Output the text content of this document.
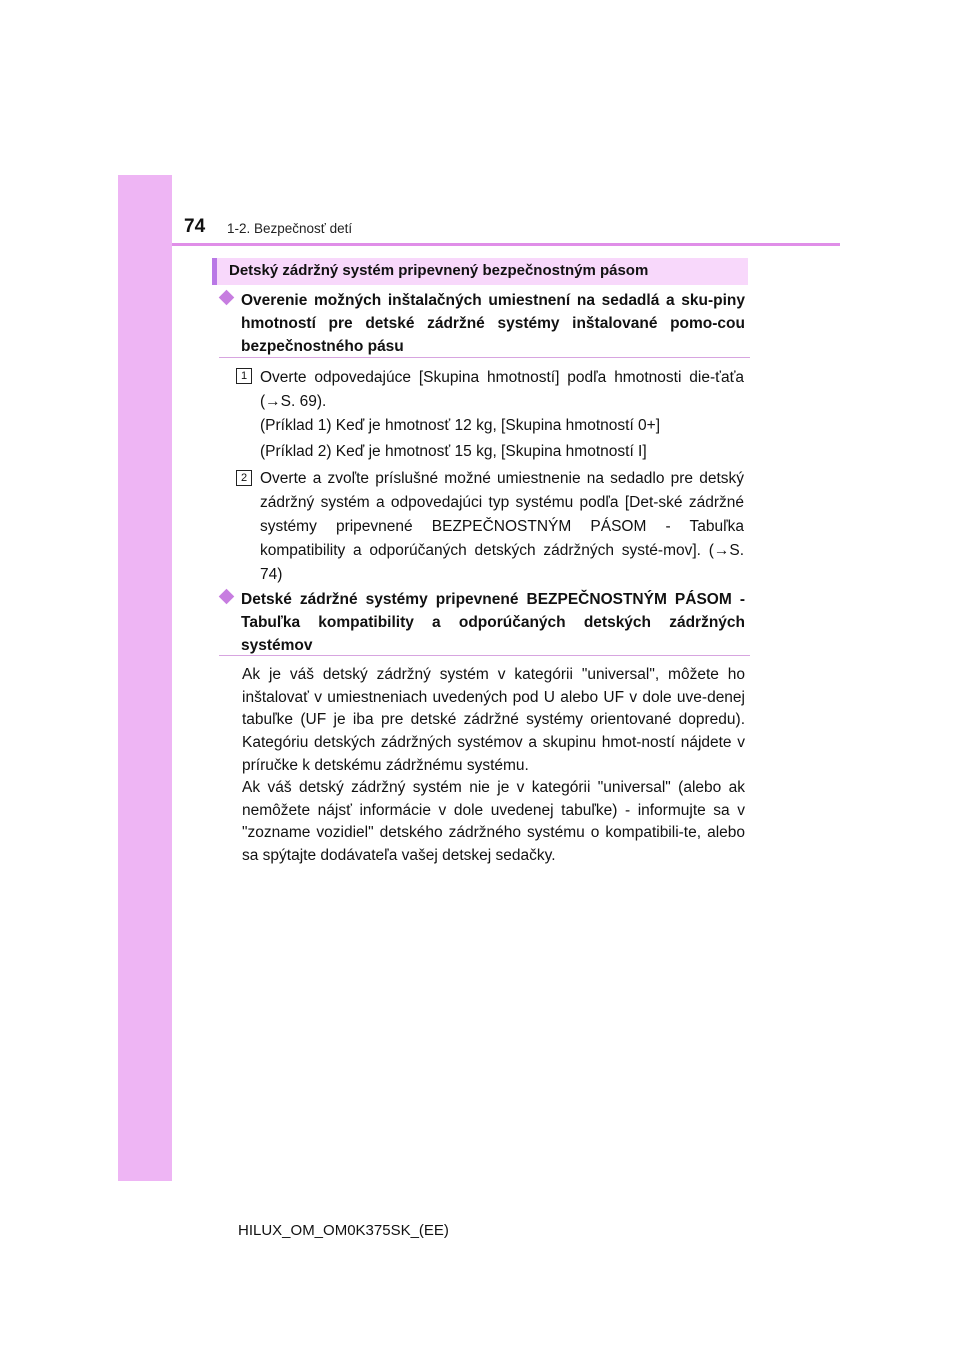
74 1-2. Bezpečnosť detí
Detský zádržný systém pripevnený bezpečnostným pásom
Overenie možných inštalačných umiestnení na sedadlá a sku-piny hmotností pre detské zádržné systémy inštalované pomo-cou bezpečnostného pásu
1 Overte odpovedajúce [Skupina hmotností] podľa hmotnosti die-ťaťa (→S. 69).
(Príklad 1) Keď je hmotnosť 12 kg, [Skupina hmotností 0+]
(Príklad 2) Keď je hmotnosť 15 kg, [Skupina hmotností I]
2 Overte a zvoľte príslušné možné umiestnenie na sedadlo pre detský zádržný systém a odpovedajúci typ systému podľa [Det-ské zádržné systémy pripevnené BEZPEČNOSTNÝM PÁSOM - Tabuľka kompatibility a odporúčaných detských zádržných systé-mov]. (→S. 74)
Detské zádržné systémy pripevnené BEZPEČNOSTNÝM PÁSOM - Tabuľka kompatibility a odporúčaných detských zádržných systémov
Ak je váš detský zádržný systém v kategórii "universal", môžete ho inštalovať v umiestneniach uvedených pod U alebo UF v dole uve-denej tabuľke (UF je iba pre detské zádržné systémy orientované dopredu). Kategóriu detských zádržných systémov a skupinu hmot-ností nájdete v príručke k detskému zádržnému systému.
Ak váš detský zádržný systém nie je v kategórii "universal" (alebo ak nemôžete nájsť informácie v dole uvedenej tabuľke) - informujte sa v "zozname vozidiel" detského zádržného systému o kompatibili-te, alebo sa spýtajte dodávateľa vašej detskej sedačky.
HILUX_OM_OM0K375SK_(EE)
